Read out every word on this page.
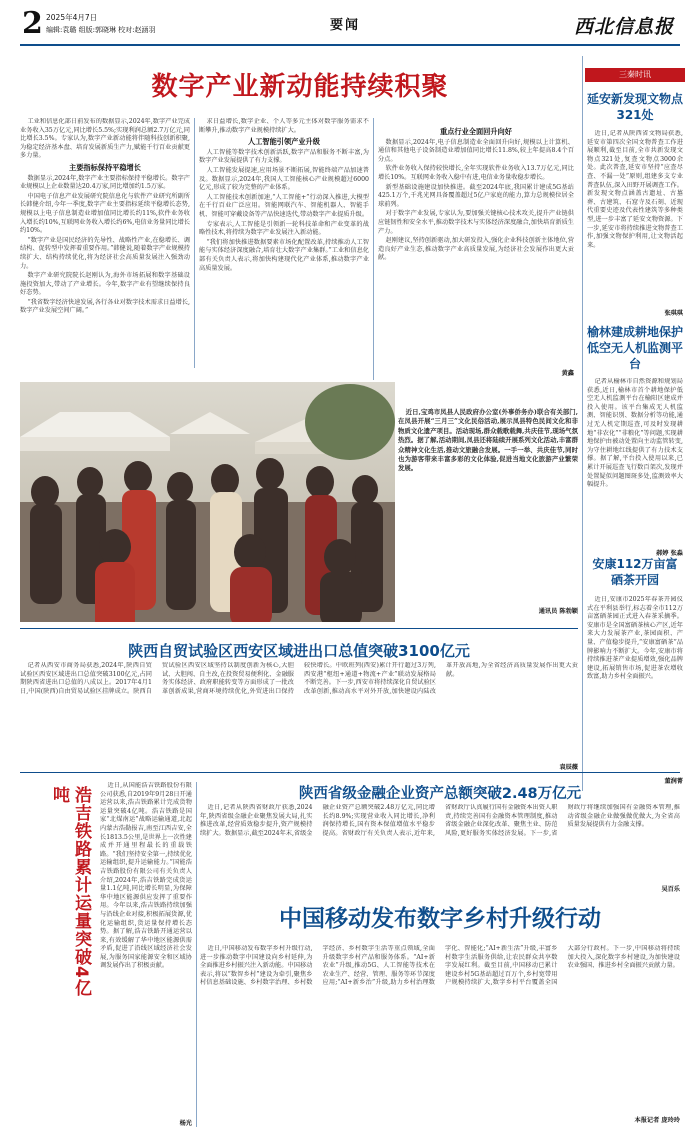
2 2025年4月7日
编辑:袁璐 组版:郭晓琳 校对:赵涵羽	要闻	西北信息报
数字产业新动能持续积聚

工业和信息化部日前发布的数据显示,2024年,数字产业完成业务收入35万亿元,同比增长5.5%;实现利润总额2.7万亿元,同比增长3.5%。专家认为,数字产业新动能将伴随科技创新积聚,为稳定经济基本盘、培育发展新质生产力,赋能千行百业贡献更多力量。

主要指标保持平稳增长

数据显示,2024年,数字产业主要指标保持平稳增长。数字产业规模以上企业数量达20.4万家,同比增加约1.5万家。

中国电子信息产业发展研究院信息化与软件产业研究所副所长韩健介绍,今年一季度,数字产业主要指标延续平稳增长态势,规模以上电子信息制造业增加值同比增长约11%,软件业务收入增长约10%,互联网业务收入增长约6%,电信业务量同比增长约10%。

“数字产业是国民经济的先导性、战略性产业,在稳增长、调结构、促转型中发挥着重要作用。”韩健说,随着数字产业规模持续扩大、结构持续优化,将为经济社会高质量发展注入强劲动力。

数字产业研究院院长赵刚认为,海外市场拓展和数字基础设施投资加大,带动了产业增长。今年,数字产业有望继续保持良好态势。

“我省数字经济快速发展,各行各业对数字技术需求日益增长,数字产业发展空间广阔。”

求日益增长,数字企业、个人等多元主体对数字服务需求不断攀升,推动数字产业规模持续扩大。

人工智能引领产业升级

人工智能等数字技术创新活跃,数字产品和服务不断丰富,为数字产业发展提供了有力支撑。

人工智能发展提速,应用场景不断拓展,智能终端产品加速普及。数据显示,2024年,我国人工智能核心产业规模超过6000亿元,形成了较为完整的产业体系。

人工智能技术创新加速,“人工智能+”行动深入推进,大模型在千行百业广泛应用。智能网联汽车、智能机器人、智能手机、智能可穿戴设备等产品快速迭代,带动数字产业提质升级。

专家表示,人工智能是引领新一轮科技革命和产业变革的战略性技术,将持续为数字产业发展注入新动能。

“我们将加快推进数据要素市场化配置改革,持续推动人工智能与实体经济深度融合,培育壮大数字产业集群。”工业和信息化部有关负责人表示,将加快构建现代化产业体系,推动数字产业高质量发展。

重点行业全面回升向好

数据显示,2024年,电子信息制造业全面回升向好,规模以上计算机、通信和其他电子设备制造业增加值同比增长11.8%,较上年提高8.4个百分点。

软件业务收入保持较快增长,全年实现软件业务收入13.7万亿元,同比增长10%。互联网业务收入稳中有进,电信业务量收稳步增长。

新型基础设施建设加快推进。截至2024年底,我国累计建成5G基站425.1万个,千兆光网具备覆盖超过5亿户家庭的能力,算力总规模位居全球前列。

对于数字产业发展,专家认为,要加强关键核心技术攻关,提升产业链供应链韧性和安全水平,推动数字技术与实体经济深度融合,加快培育新质生产力。

赵刚建议,坚持创新驱动,加大研发投入,强化企业科技创新主体地位,营造良好产业生态,推动数字产业高质量发展,为经济社会发展作出更大贡献。

黄鑫
近日,宝鸡市凤县人民政府办公室(外事侨务办)联合有关部门,在凤县开展“三月三”文化民俗活动,展示凤县特色民间文化和非物质文化遗产项目。活动现场,群众载歌载舞,共庆佳节,现场气氛热烈。据了解,活动期间,凤县还将陆续开展系列文化活动,丰富群众精神文化生活,推动文旅融合发展。一手一举、共庆佳节,同时也为游客带来丰富多彩的文化体验,促进当地文化旅游产业繁荣发展。
通讯员 陈勃颖
三秦时讯
延安新发现文物点321处
近日,记者从陕西省文物局获悉,延安市第四次全国文物普查工作进展顺利,截至目前,全市共新发现文物点321处,复查文物点3000余处。此次普查,延安市坚持“应查尽查、不漏一处”原则,组建多支专业普查队伍,深入田野开展调查工作。新发现文物点涵盖古遗址、古墓葬、古建筑、石窟寺及石刻、近现代重要史迹及代表性建筑等多种类型,进一步丰富了延安文物资源。下一步,延安市将持续推进文物普查工作,加强文物保护利用,让文物活起来。
张琪琪
榆林建成耕地保护低空无人机监测平台
记者从榆林市自然资源和规划局获悉,近日,榆林市首个耕地保护低空无人机监测平台在榆阳区建成并投入使用。该平台集成无人机监测、智能识别、数据分析等功能,通过无人机定期巡查,可及时发现耕地“非农化”“非粮化”等问题,实现耕地保护由被动处置向主动监管转变,为守住耕地红线提供了有力技术支撑。据了解,平台投入使用以来,已累计开展巡查飞行数百架次,发现并处置疑似问题图斑多处,监测效率大幅提升。
郝婷 张淼
安康112万亩富硒茶开园
近日,安康市2025年春茶开园仪式在平利县举行,标志着全市112万亩富硒茶园正式进入春茶采摘季。安康市是全国富硒茶核心产区,近年来大力发展茶产业,茶园面积、产量、产值稳步提升,“安康富硒茶”品牌影响力不断扩大。今年,安康市将持续推进茶产业提质增效,强化品牌建设,拓展销售市场,促进茶农增收致富,助力乡村全面振兴。
董润菁
陕西自贸试验区西安区域进出口总值突破3100亿元

记者从西安市商务局获悉,2024年,陕西自贸试验区西安区域进出口总值突破3100亿元,占同期陕西省进出口总值的八成以上。2017年4月1日,中国(陕西)自由贸易试验区挂牌成立。陕西自贸试验区西安区域坚持以制度创新为核心,大胆试、大胆闯、自主改,在投资贸易便利化、金融服务实体经济、政府职能转变等方面形成了一批改革创新成果,营商环境持续优化,外贸进出口保持较快增长。中欧班列(西安)累计开行超过3万列,西安港“枢纽+通道+物流+产业”联动发展格局不断完善。下一步,西安市将持续深化自贸试验区改革创新,推动高水平对外开放,加快建设内陆改革开放高地,为全省经济高质量发展作出更大贡献。

袁辰薇
陕西省级金融企业资产总额突破2.48万亿元

近日,记者从陕西省财政厅获悉,2024年,陕西省级金融企业聚焦发展大局,扎实推进改革,经营质效稳步提升,资产规模持续扩大。数据显示,截至2024年末,省级金融企业资产总额突破2.48万亿元,同比增长约8.9%;实现营业收入同比增长,净利润保持增长,国有资本保值增值水平稳步提高。省财政厅有关负责人表示,近年来,省财政厅认真履行国有金融资本出资人职责,持续完善国有金融资本管理制度,推动省级金融企业深化改革、聚焦主业、防范风险,更好服务实体经济发展。下一步,省财政厅将继续加强国有金融资本管理,推动省级金融企业做强做优做大,为全省高质量发展提供有力金融支撑。

吴百乐
浩吉铁路累计运量突破4亿吨
近日,从国能浩吉铁路股份有限公司获悉,自2019年9月28日开通运营以来,浩吉铁路累计完成货物运量突破4亿吨。浩吉铁路是国家“北煤南运”战略运输通道,北起内蒙古浩勒报吉,南至江西吉安,全长1813.5公里,是世界上一次性建成并开通里程最长的重载铁路。“我们坚持安全第一,持续优化运输组织,提升运输能力。”国能浩吉铁路股份有限公司有关负责人介绍,2024年,浩吉铁路完成货运量1.1亿吨,同比增长明显,为保障华中地区能源供应发挥了重要作用。今年以来,浩吉铁路持续加强与沿线企业对接,积极拓展货源,优化运输组织,货运量保持增长态势。据了解,浩吉铁路开通运营以来,有效缓解了华中地区能源供需矛盾,促进了沿线区域经济社会发展,为服务国家能源安全和区域协调发展作出了积极贡献。
杨光
中国移动发布数字乡村升级行动

近日,中国移动发布数字乡村升级行动,进一步推动数字中国建设向乡村延伸,为全面推进乡村振兴注入新动能。中国移动表示,将以“数智乡村”建设为牵引,聚焦乡村信息基础设施、乡村数字治理、乡村数字经济、乡村数字生活等重点领域,全面升级数字乡村产品和服务体系。“AI+新农业”升级,推动5G、人工智能等技术在农业生产、经营、管理、服务等环节深度应用;“AI+新乡治”升级,助力乡村治理数字化、智能化;“AI+新生活”升级,丰富乡村数字生活服务供给,让农民群众共享数字发展红利。截至目前,中国移动已累计建设乡村5G基站超过百万个,乡村宽带用户规模持续扩大,数字乡村平台覆盖全国大部分行政村。下一步,中国移动将持续加大投入,深化数字乡村建设,为加快建设农业强国、推进乡村全面振兴贡献力量。

本报记者 庞玲玲
